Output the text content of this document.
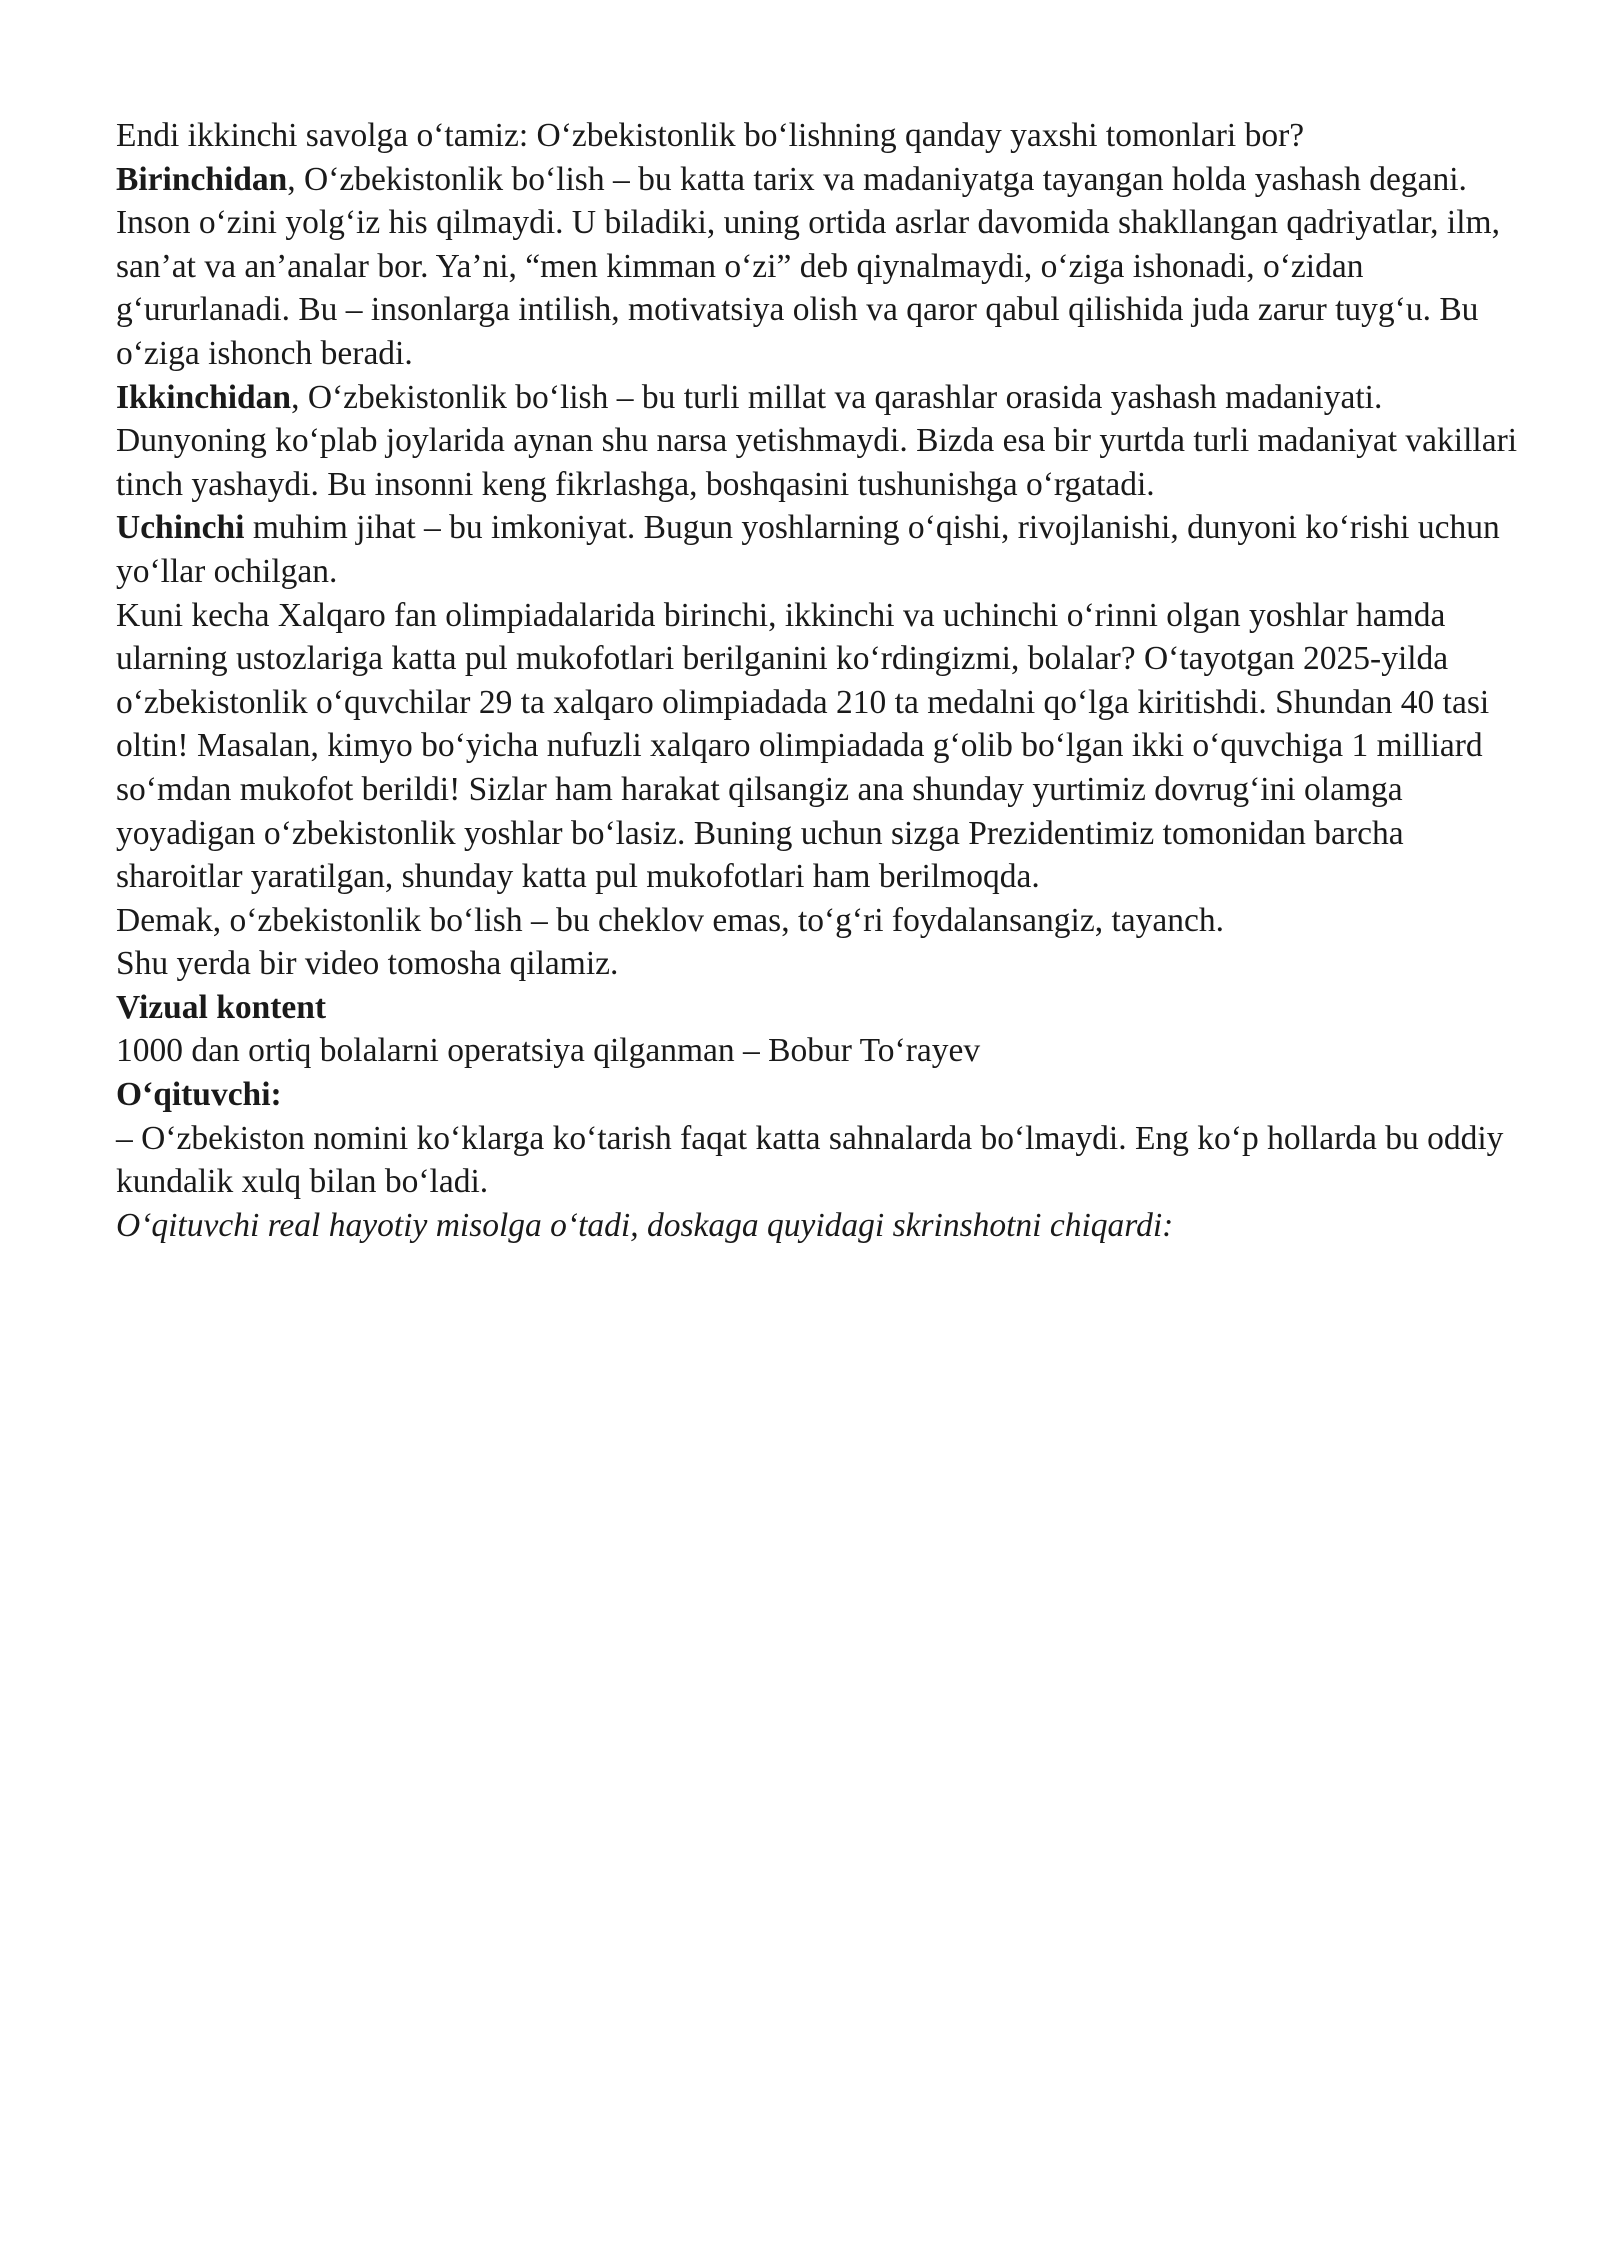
Endi ikkinchi savolga o‘tamiz: O‘zbekistonlik bo‘lishning qanday yaxshi tomonlari bor?

Birinchidan, O‘zbekistonlik bo‘lish – bu katta tarix va madaniyatga tayangan holda yashash degani. Inson o‘zini yolg‘iz his qilmaydi. U biladiki, uning ortida asrlar davomida shakllangan qadriyatlar, ilm, san’at va an’analar bor. Ya’ni, “men kimman o‘zi” deb qiynalmaydi, o‘ziga ishonadi, o‘zidan g‘ururlanadi. Bu – insonlarga intilish, motivatsiya olish va qaror qabul qilishida juda zarur tuyg‘u. Bu o‘ziga ishonch beradi.

Ikkinchidan, O‘zbekistonlik bo‘lish – bu turli millat va qarashlar orasida yashash madaniyati. Dunyoning ko‘plab joylarida aynan shu narsa yetishmaydi. Bizda esa bir yurtda turli madaniyat vakillari tinch yashaydi. Bu insonni keng fikrlashga, boshqasini tushunishga o‘rgatadi.

Uchinchi muhim jihat – bu imkoniyat. Bugun yoshlarning o‘qishi, rivojlanishi, dunyoni ko‘rishi uchun yo‘llar ochilgan.

Kuni kecha Xalqaro fan olimpiadalarida birinchi, ikkinchi va uchinchi o‘rinni olgan yoshlar hamda ularning ustozlariga katta pul mukofotlari berilganini ko‘rdingizmi, bolalar? O‘tayotgan 2025-yilda o‘zbekistonlik o‘quvchilar 29 ta xalqaro olimpiadada 210 ta medalni qo‘lga kiritishdi. Shundan 40 tasi oltin! Masalan, kimyo bo‘yicha nufuzli xalqaro olimpiadada g‘olib bo‘lgan ikki o‘quvchiga 1 milliard so‘mdan mukofot berildi! Sizlar ham harakat qilsangiz ana shunday yurtimiz dovrug‘ini olamga yoyadigan o‘zbekistonlik yoshlar bo‘lasiz. Buning uchun sizga Prezidentimiz tomonidan barcha sharoitlar yaratilgan, shunday katta pul mukofotlari ham berilmoqda.

Demak, o‘zbekistonlik bo‘lish – bu cheklov emas, to‘g‘ri foydalansangiz, tayanch.

Shu yerda bir video tomosha qilamiz.

Vizual kontent

1000 dan ortiq bolalarni operatsiya qilganman – Bobur To‘rayev

O‘qituvchi:

– O‘zbekiston nomini ko‘klarga ko‘tarish faqat katta sahnalarda bo‘lmaydi. Eng ko‘p hollarda bu oddiy kundalik xulq bilan bo‘ladi.

O‘qituvchi real hayotiy misolga o‘tadi, doskaga quyidagi skrinshotni chiqardi:
